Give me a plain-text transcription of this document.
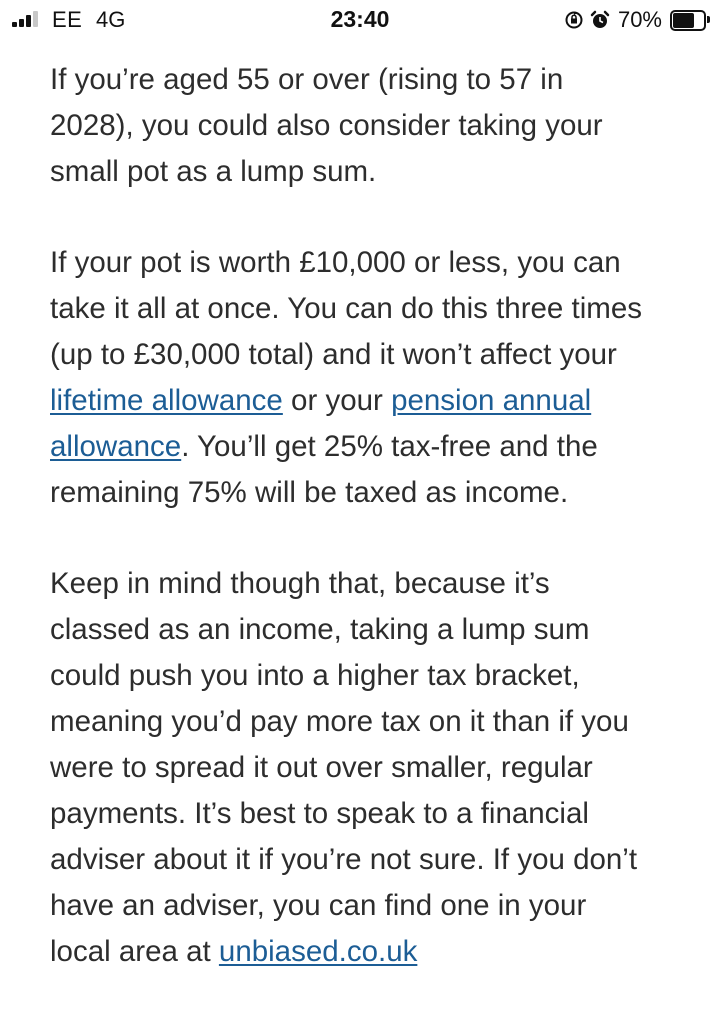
EE 4G	23:40	70%

If you’re aged 55 or over (rising to 57 in
2028), you could also consider taking your
small pot as a lump sum.

If your pot is worth £10,000 or less, you can
take it all at once. You can do this three times
(up to £30,000 total) and it won’t affect your
lifetime allowance or your pension annual
allowance. You’ll get 25% tax-free and the
remaining 75% will be taxed as income.

Keep in mind though that, because it’s
classed as an income, taking a lump sum
could push you into a higher tax bracket,
meaning you’d pay more tax on it than if you
were to spread it out over smaller, regular
payments. It’s best to speak to a financial
adviser about it if you’re not sure. If you don’t
have an adviser, you can find one in your
local area at unbiased.co.uk
